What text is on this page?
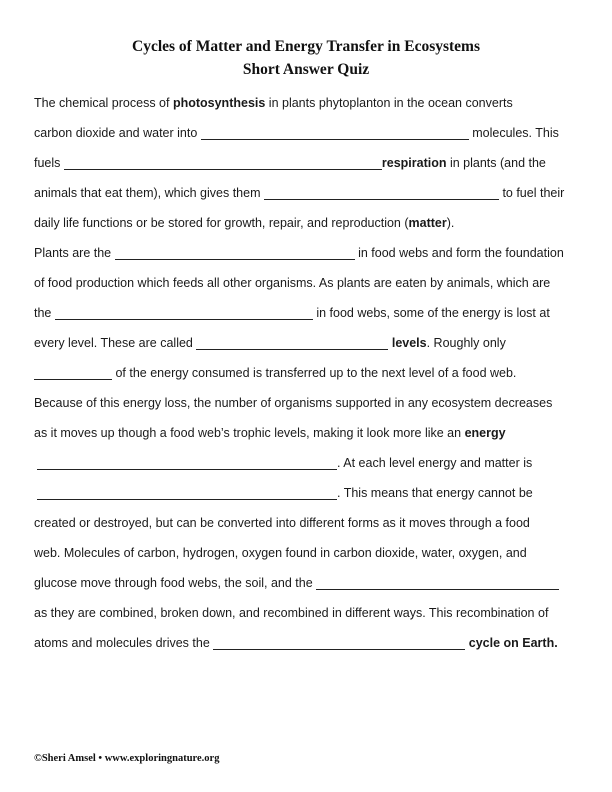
Cycles of Matter and Energy Transfer in Ecosystems
Short Answer Quiz
The chemical process of photosynthesis in plants phytoplanton in the ocean converts
carbon dioxide and water into	molecules. This
fuels	respiration in plants (and the
animals that eat them), which gives them	to fuel their
daily life functions or be stored for growth, repair, and reproduction (matter).
Plants are the	in food webs and form the foundation
of food production which feeds all other organisms. As plants are eaten by animals, which are
the	in food webs, some of the energy is lost at
every level. These are called	levels. Roughly only
of the energy consumed is transferred up to the next level of a food web.
Because of this energy loss, the number of organisms supported in any ecosystem decreases
as it moves up though a food web’s trophic levels, making it look more like an energy
. At each level energy and matter is
. This means that energy cannot be
created or destroyed, but can be converted into different forms as it moves through a food
web. Molecules of carbon, hydrogen, oxygen found in carbon dioxide, water, oxygen, and
glucose move through food webs, the soil, and the
as they are combined, broken down, and recombined in different ways. This recombination of
atoms and molecules drives the	cycle on Earth.
©Sheri Amsel • www.exploringnature.org
